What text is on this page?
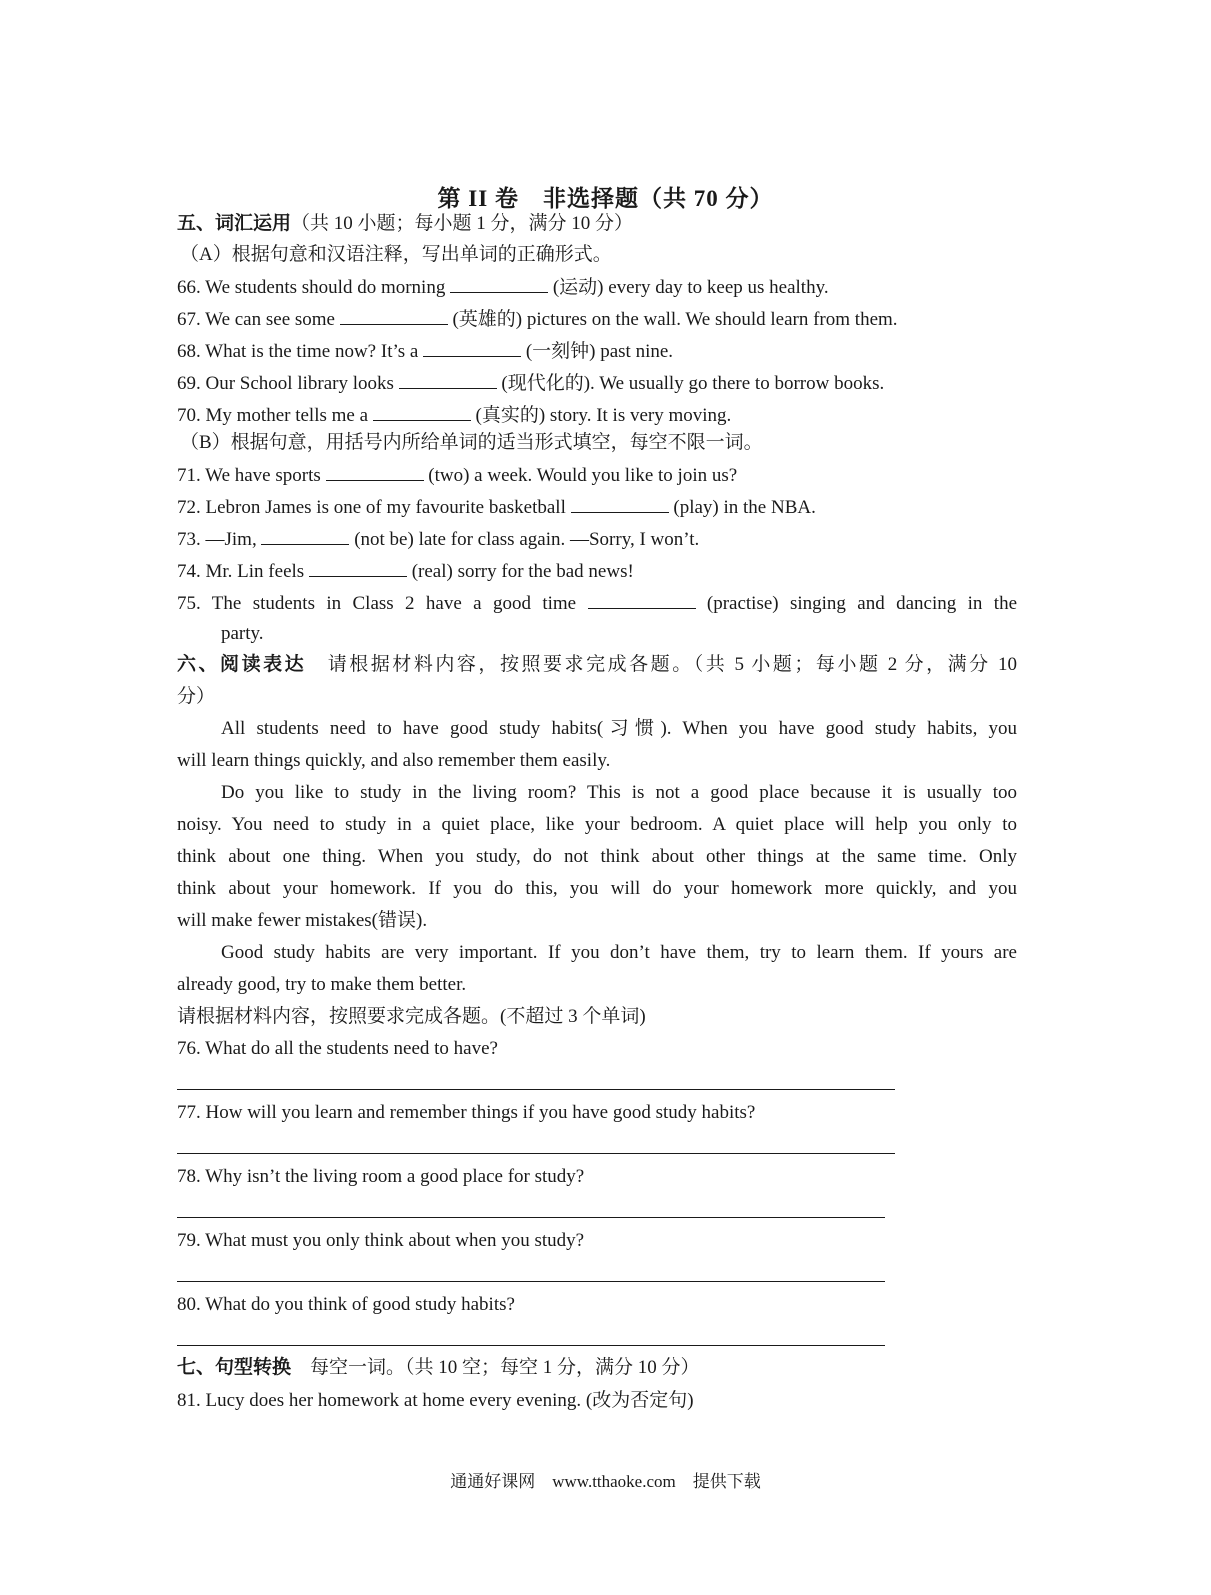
第 II 卷　非选择题（共 70 分）
五、词汇运用（共 10 小题；每小题 1 分，满分 10 分）
（A）根据句意和汉语注释，写出单词的正确形式。
66. We students should do morning	(运动) every day to keep us healthy.
67. We can see some	(英雄的) pictures on the wall. We should learn from them.
68. What is the time now? It’s a	(一刻钟) past nine.
69. Our School library looks	(现代化的). We usually go there to borrow books.
70. My mother tells me a	(真实的) story. It is very moving.
（B）根据句意，用括号内所给单词的适当形式填空，每空不限一词。
71. We have sports	(two) a week. Would you like to join us?
72. Lebron James is one of my favourite basketball	(play) in the NBA.
73. —Jim,	(not be) late for class again. —Sorry, I won’t.
74. Mr. Lin feels	(real) sorry for the bad news!
75. The students in Class 2 have a good time	(practise) singing and dancing in the
party.
六、阅读表达　 请根据材料内容，按照要求完成各题。（共 5 小题；每小题 2 分，满分 10
分）
All students need to have good study habits(习惯). When you have good study habits, you
will learn things quickly, and also remember them easily.
Do you like to study in the living room? This is not a good place because it is usually too
noisy. You need to study in a quiet place, like your bedroom. A quiet place will help you only to
think about one thing. When you study, do not think about other things at the same time. Only
think about your homework. If you do this, you will do your homework more quickly, and you
will make fewer mistakes(错误).
Good study habits are very important. If you don’t have them, try to learn them. If yours are
already good, try to make them better.
请根据材料内容，按照要求完成各题。(不超过 3 个单词)
76. What do all the students need to have?
77. How will you learn and remember things if you have good study habits?
78. Why isn’t the living room a good place for study?
79. What must you only think about when you study?
80. What do you think of good study habits?
七、句型转换　每空一词。（共 10 空；每空 1 分，满分 10 分）
81. Lucy does her homework at home every evening. (改为否定句)
通通好课网　www.tthaoke.com　提供下载
